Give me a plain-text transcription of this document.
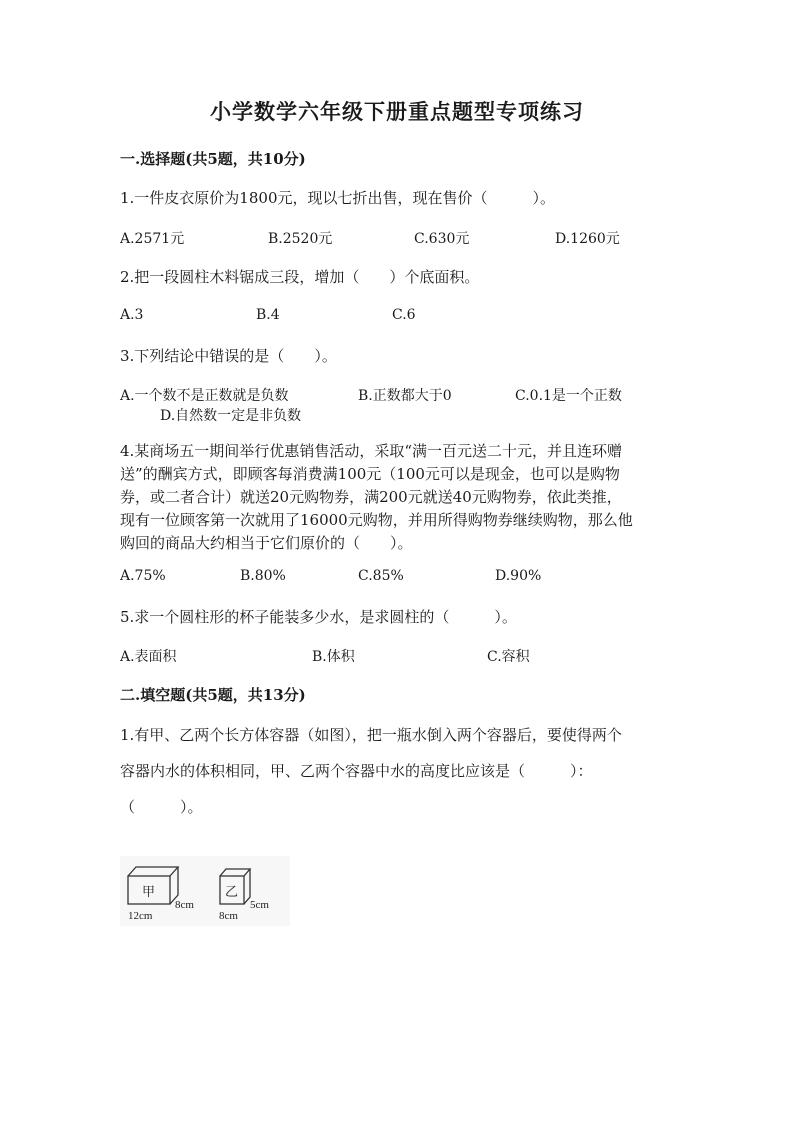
小学数学六年级下册重点题型专项练习
一.选择题(共5题，共10分)
1.一件皮衣原价为1800元，现以七折出售，现在售价（　　　）。
A.2571元	B.2520元	C.630元	D.1260元
2.把一段圆柱木料锯成三段，增加（　　）个底面积。
A.3	B.4	C.6
3.下列结论中错误的是（　　）。
A.一个数不是正数就是负数	B.正数都大于0	C.0.1是一个正数
D.自然数一定是非负数
4.某商场五一期间举行优惠销售活动，采取“满一百元送二十元，并且连环赠
送”的酬宾方式，即顾客每消费满100元（100元可以是现金，也可以是购物
券，或二者合计）就送20元购物券，满200元就送40元购物券，依此类推，
现有一位顾客第一次就用了16000元购物，并用所得购物券继续购物，那么他
购回的商品大约相当于它们原价的（　　）。
A.75%	B.80%	C.85%	D.90%
5.求一个圆柱形的杯子能装多少水，是求圆柱的（　　　）。
A.表面积	B.体积	C.容积
二.填空题(共5题，共13分)
1.有甲、乙两个长方体容器（如图），把一瓶水倒入两个容器后，要使得两个
容器内水的体积相同，甲、乙两个容器中水的高度比应该是（　　　）：
（　　　）。
甲
12cm
8cm
乙
8cm
5cm
